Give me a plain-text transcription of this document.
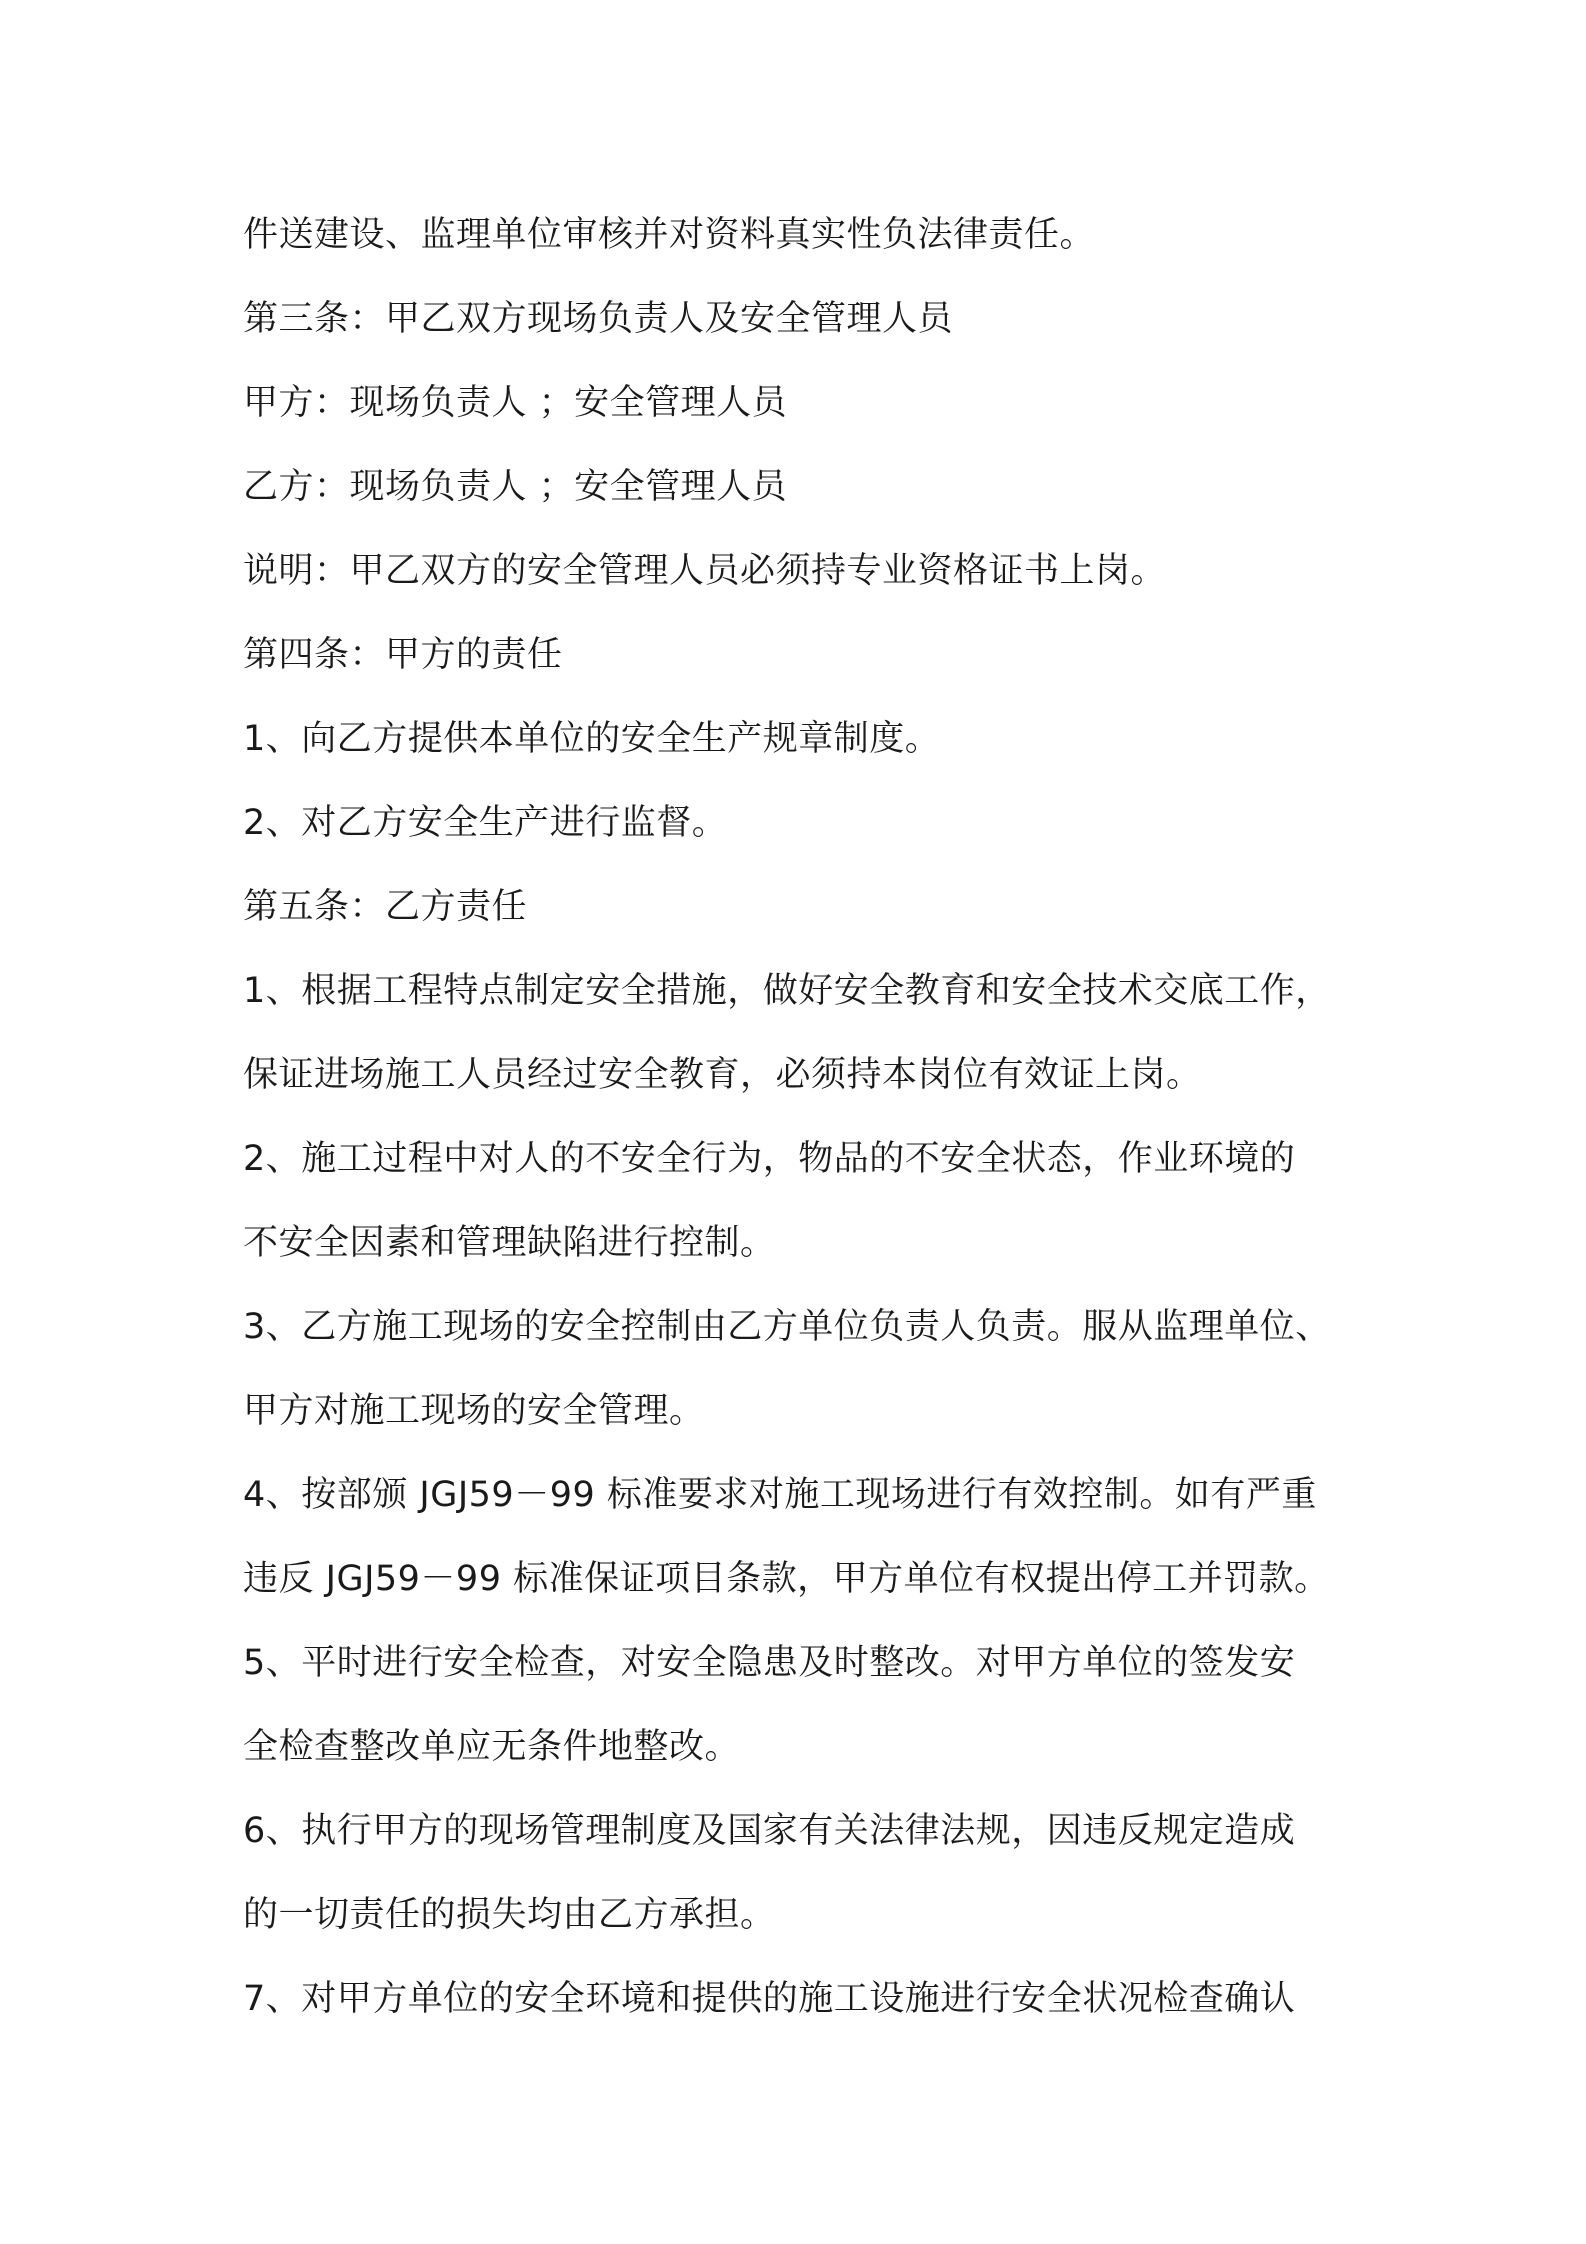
件送建设、监理单位审核并对资料真实性负法律责任。
第三条：甲乙双方现场负责人及安全管理人员
甲方：现场负责人 ；安全管理人员
乙方：现场负责人 ；安全管理人员
说明：甲乙双方的安全管理人员必须持专业资格证书上岗。
第四条：甲方的责任
1、向乙方提供本单位的安全生产规章制度。
2、对乙方安全生产进行监督。
第五条：乙方责任
1、根据工程特点制定安全措施，做好安全教育和安全技术交底工作，
保证进场施工人员经过安全教育，必须持本岗位有效证上岗。
2、施工过程中对人的不安全行为，物品的不安全状态，作业环境的
不安全因素和管理缺陷进行控制。
3、乙方施工现场的安全控制由乙方单位负责人负责。服从监理单位、
甲方对施工现场的安全管理。
4、按部颁 JGJ59－99 标准要求对施工现场进行有效控制。如有严重
违反 JGJ59－99 标准保证项目条款，甲方单位有权提出停工并罚款。
5、平时进行安全检查，对安全隐患及时整改。对甲方单位的签发安
全检查整改单应无条件地整改。
6、执行甲方的现场管理制度及国家有关法律法规，因违反规定造成
的一切责任的损失均由乙方承担。
7、对甲方单位的安全环境和提供的施工设施进行安全状况检查确认
